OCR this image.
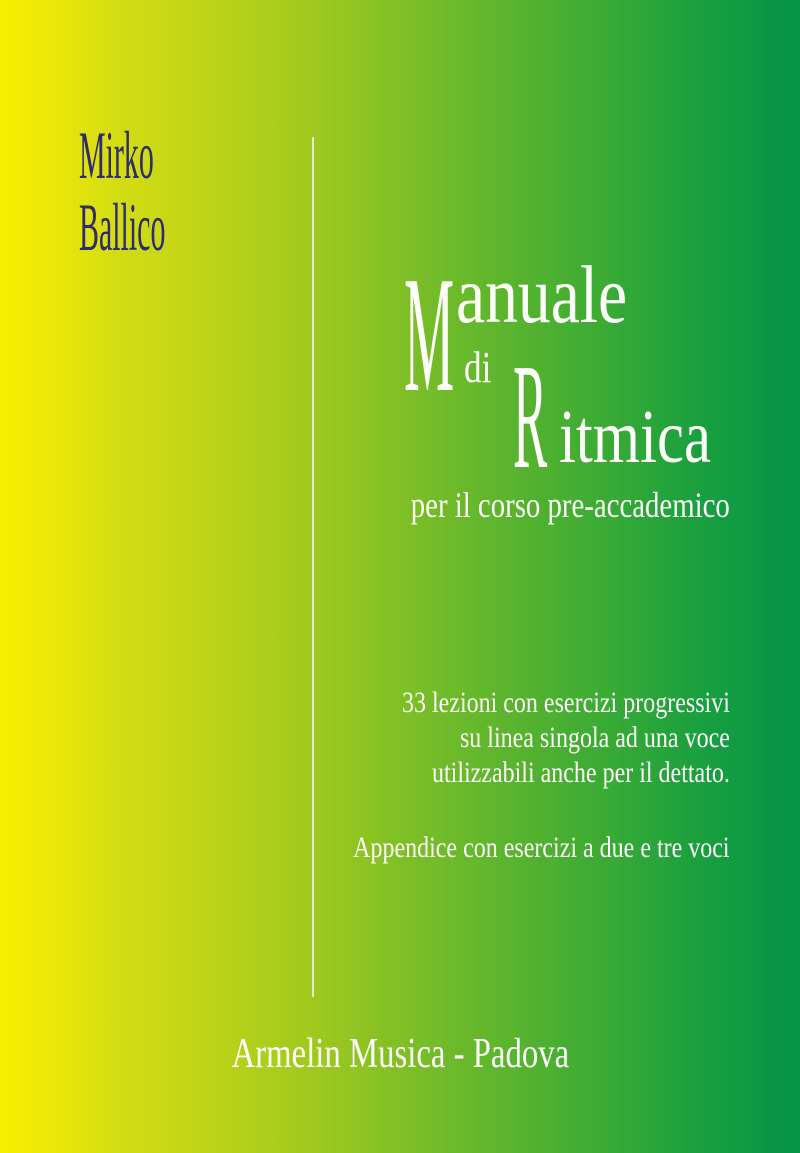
Mirko
Ballico
M anuale
di R itmica
per il corso pre-accademico
33 lezioni con esercizi progressivi
su linea singola ad una voce
utilizzabili anche per il dettato.
Appendice con esercizi a due e tre voci
Armelin Musica - Padova
